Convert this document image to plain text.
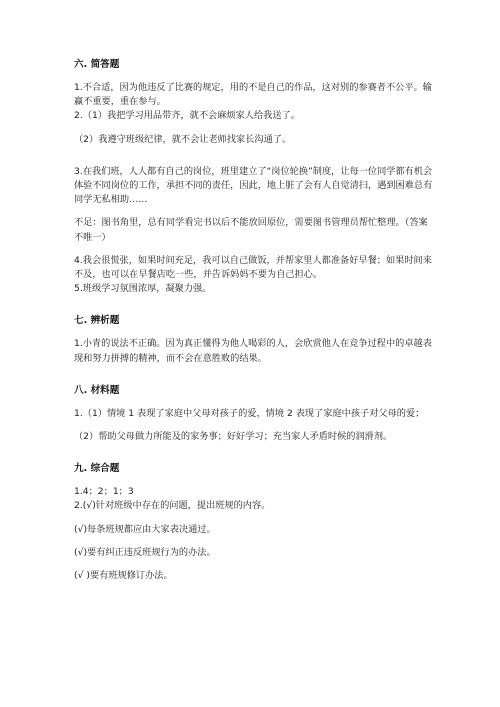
六. 简答题
1.不合适，因为他违反了比赛的规定，用的不是自己的作品，这对别的参赛者不公平。输赢不重要，重在参与。
2.（1）我把学习用品带齐，就不会麻烦家人给我送了。
（2）我遵守班级纪律，就不会让老师找家长沟通了。
3.在我们班，人人都有自己的岗位，班里建立了“岗位轮换”制度，让每一位同学都有机会体验不同岗位的工作，承担不同的责任，因此，地上脏了会有人自觉清扫，遇到困难总有同学无私相助……
不足：图书角里，总有同学看完书以后不能放回原位，需要图书管理员帮忙整理。（答案不唯一）
4.我会很慌张，如果时间充足，我可以自己做饭，并帮家里人都准备好早餐；如果时间来不及，也可以在早餐店吃一些，并告诉妈妈不要为自己担心。
5.班级学习氛围浓厚，凝聚力强。
七. 辨析题
1.小青的说法不正确。因为真正懂得为他人喝彩的人，会欣赏他人在竞争过程中的卓越表现和努力拼搏的精神，而不会在意胜败的结果。
八. 材料题
1.（1）情境 1 表现了家庭中父母对孩子的爱，情境 2 表现了家庭中孩子对父母的爱；
（2）帮助父母做力所能及的家务事；好好学习；充当家人矛盾时候的润滑剂。
九. 综合题
1.4；2；1；3
2.(√)针对班级中存在的问题，提出班规的内容。
(√)每条班规都应由大家表决通过。
(√)要有纠正违反班规行为的办法。
(√ )要有班规修订办法。
